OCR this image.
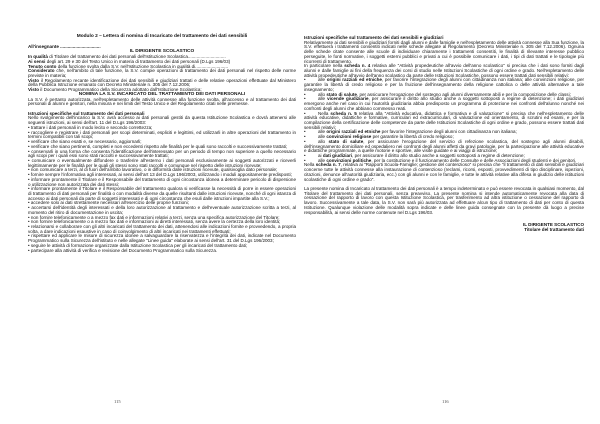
Modulo 2 – Lettera di nomina di Incaricato del trattamento dei dati sensibili
All'insegnante ................................
IL DIRIGENTE SCOLASTICO
In qualità di Titolare del trattamento dei dati personali dell'Istituzione Scolastica..............................
Ai sensi degli art. 29 e 30 del Testo Unico in materia di trattamento dei dati personali (D.Lgs 196/03)
Tenuto conto della funzione svolta dalla S.V. nell'Istituzione Scolastica in qualità di..........................
Considerato che, nell'ambito di tale funzione, la S.V. compie operazioni di trattamento dei dati personali nel rispetto delle norme previste in materia;
Visto il Regolamento recante identificazione dei dati sensibili e giudiziari trattati e delle relative operazioni effettuate dal Ministero della Pubblica Istruzione emanato con Decreto Ministeriale n. 305 del 7.12.2006;
Visto il Documento Programmatico della Sicurezza adottato dall'Istituzione Scolastica;
NOMINA LA S.V. INCARICATO DEL TRATTAMENTO DEI DATI PERSONALI
La S.V. è pertanto autorizzata, nell'espletamento delle attività connesse alla funzione svolta, all'accesso e al trattamento dei dati personali di alunni e genitori, nella misura e nei limiti del Testo Unico e del Regolamento citati nelle premesse.
Istruzioni specifiche sul trattamento dei dati personali
Nello svolgimento dell'incarico la S.V. avrà accesso ai dati personali gestiti da questa Istituzione Scolastica e dovrà attenersi alle seguenti istruzioni, ai sensi dell'art. 11 del D.Lgs 196/2003:
• trattare i dati personali in modo lecito e secondo correttezza;
• raccogliere e registrare i dati personali per scopi determinati, espliciti e legittimi, ed utilizzarli in altre operazioni del trattamento in termini compatibili con tali scopi;
• verificare che siano esatti e, se necessario, aggiornarli;
• verificare che siano pertinenti, completi e non eccedenti rispetto alle finalità per le quali sono raccolti e successivamente trattati;
• conservarli in una forma che consenta l'identificazione dell'interessato per un periodo di tempo non superiore a quello necessario agli scopi per i quali essi sono stati raccolti e successivamente trattati;
• comunicare o eventualmente diffondere o trasferire all'esterno i dati personali esclusivamente ai soggetti autorizzati e riceverli legittimamente per le finalità per le quali gli stessi sono stati raccolti e comunque nel rispetto delle istruzioni ricevute;
• non comunicare a terzi, al di fuori dell'ambito lavorativo, o in difformità dalle istruzioni ricevute, qualsivoglia dato personale;
• fornire sempre l'informativa agli interessati, ai sensi dell'art 13 del D.Lgs 196/2003, utilizzando i moduli appositamente predisposti;
• informare prontamente il Titolare e il Responsabile del trattamento di ogni circostanza idonea a determinare pericolo di dispersione o utilizzazione non autorizzata dei dati stessi;
• informare prontamente il Titolare e il Responsabile del trattamento qualora si verificasse la necessità di porre in essere operazioni di trattamento di dati personali per finalità o con modalità diverse da quelle risultanti dalle istruzioni ricevute, nonché di ogni istanza di accesso ai dati personali da parte di soggetti interessati e di ogni circostanza che esuli dalle istruzioni impartite alla S.V.;
• accedere solo ai dati strettamente necessari all'esercizio delle proprie funzioni;
• accertarsi dell'identità degli interessati e della loro autorizzazione al trattamento e dell'eventuale autorizzazione scritta a terzi, al momento del ritiro di documentazione in uscita;
• non fornire telefonicamente o a mezzo fax dati e informazioni relativi a terzi, senza una specifica autorizzazione del Titolare;
• non fornire telefonicamente o a mezzo fax dati e informazioni ai diretti interessati, senza avere la certezza della loro identità;
• relazionarsi e collaborare con gli altri incaricati del trattamento dei dati, attenendosi alle indicazioni fornite e provvedendo, a propria volta, a dare indicazioni esaustive in caso di coinvolgimento di altri incaricati nei trattamenti effettuati;
• rispettare ed applicare le misure di sicurezza idonee a salvaguardare la riservatezza e l'integrità dei dati, indicate nel Documento Programmatico sulla Sicurezza dell'istituto e nelle allegate "Linee guida" elaborate ai sensi dell'art. 31 del D.Lgs 196/2003;
• seguire le attività di formazione organizzate dalla Istituzione Scolastica per gli incaricati del trattamento dati;
• partecipare alla attività di verifica e revisione del Documento Programmatico sulla Sicurezza.
115
Istruzioni specifiche sul trattamento dei dati sensibili e giudiziari
Relativamente ai dati sensibili e giudiziari forniti dagli alunni e dalle famiglie e nell'espletamento delle attività connesse alla Sua funzione, la S.V. effettuerà i trattamenti consentiti indicati nelle schede allegate al Regolamento (Decreto Ministeriale n. 305 del 7.12.2006). Ognuna delle schede citate consente alle scuole di individuare chiaramente i trattamenti consentiti, le finalità di rilevante interesse pubblico perseguite, le fonti normative, i soggetti esterni pubblici e privati a cui è possibile comunicare i dati, i tipi di dati trattati e le tipologie più ricorrenti di trattamento.
In particolare nella scheda n. 4 relativa alle "Attività propedeutiche all'avvio dell'anno scolastico" si precisa che i dati sono forniti dagli alunni e dalle famiglie ai fini della frequenza dei corsi di studio nelle Istituzioni Scolastiche di ogni ordine e grado. Nell'espletamento delle attività propedeutiche all'avvio dell'anno scolastico da parte delle Istituzioni Scolastiche, possono essere trattati dati sensibili relativi:
•	alle origini razziali ed etniche, per favorire l'integrazione degli alunni con cittadinanza non italiana; alle convinzioni religiose, per garantire la libertà di credo religioso e per la fruizione dell'insegnamento della religione cattolica o delle attività alternative a tale insegnamento;
•	allo stato di salute, per assicurare l'erogazione del sostegno agli alunni diversamente abili e per la composizione delle classi;
•	alle vicende giudiziarie, per assicurare il diritto allo studio anche a soggetti sottoposti a regime di detenzione; i dati giudiziari emergono anche nel caso in cui l'autorità giudiziaria abbia predisposto un programma di protezione nei confronti dell'alunno nonché nei confronti degli alunni che abbiano commesso reati.
•	Nella scheda n. 5 relativa alla "Attività educativa, didattica e formativa e di valutazione" si precisa che nell'espletamento delle attività educative, didattiche e formative, curriculari ed extracurriculari, di valutazione ed orientamento, di scrutini ed esami, e per la compilazione della certificazione delle competenze da parte delle Istituzioni Scolastiche di ogni ordine e grado, possono essere trattati dati sensibili relativi:
•	alle origini razziali ed etniche per favorire l'integrazione degli alunni con cittadinanza non italiana;
•	alle convinzioni religiose per garantire la libertà di credo religioso;
•	allo stato di salute, per assicurare l'erogazione del servizio di refezione scolastica, del sostegno agli alunni disabili, dell'insegnamento domiciliare ed ospedaliero nei confronti degli alunni affetti da gravi patologie, per la partecipazione alle attività educative e didattiche programmate, a quelle motorie e sportive, alle visite guidate e ai viaggi di istruzione;
•	ai dati giudiziari, per assicurare il diritto allo studio anche a soggetti sottoposti a regime di detenzione;
•	alle convinzioni politiche, per la costituzione e il funzionamento delle Consulte e delle Associazioni degli studenti e dei genitori.
Nella scheda n. 7, relativa ai "Rapporti Scuola-Famiglie; gestione del contenzioso" si precisa che "il trattamento di dati sensibili e giudiziari concerne tutte le attività connesse alla instaurazione di contenzioso (reclami, ricorsi, esposti, provvedimenti di tipo disciplinare, ispezioni, citazioni, denunce all'autorità giudiziaria, ecc.) con gli alunni e con le famiglie, e tutte le attività relative alla difesa in giudizio delle istituzioni scolastiche di ogni ordine e grado".
La presente nomina di Incaricato al trattamento dei dati personali è a tempo indeterminato e può essere revocata in qualsiasi momento, dal Titolare del trattamento dei dati personali, senza preavviso. La presente nomina si intende automaticamente revocata alla data di cessazione del rapporto di lavoro con questa Istituzione Scolastica, per trasferimento ad altra istituzione o cessazione del rapporto di lavoro. Successivamente a tale data, la S.V. non sarà più autorizzata ad effettuare alcun tipo di trattamento di dati per conto di questa Istituzione. Qualunque violazione delle modalità sopra indicate e delle linee guida consegnate con la presente dà luogo a precise responsabilità, ai sensi delle norme contenute nel D.Lgs 196/03.
IL DIRIGENTE SCOLASTICO
Titolare del trattamento dati
116
